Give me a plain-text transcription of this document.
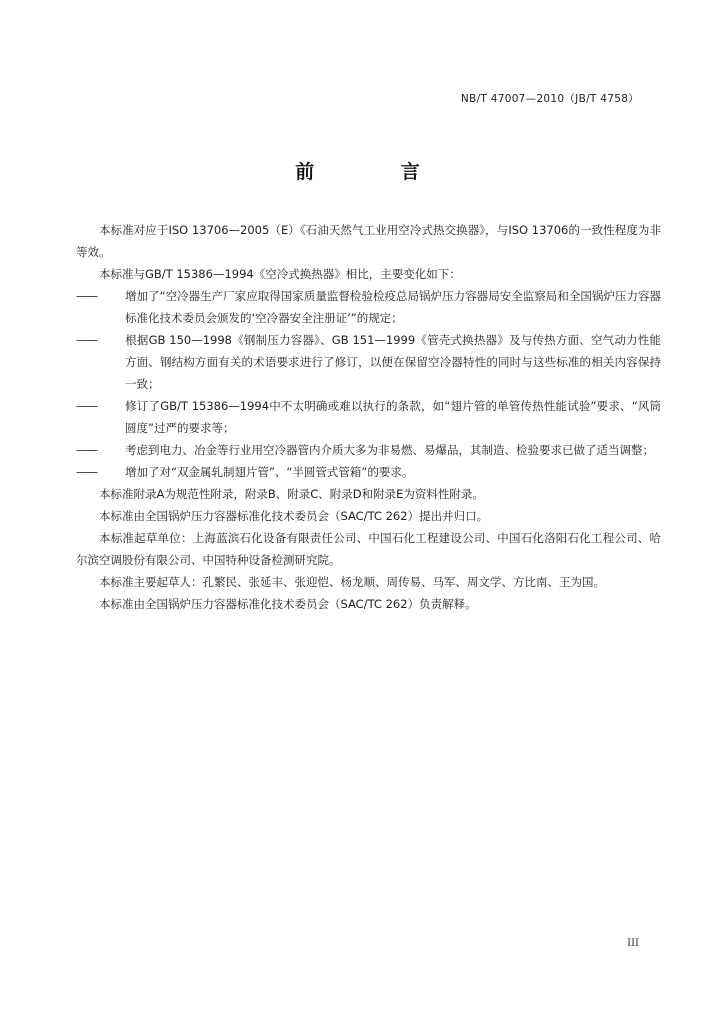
NB/T 47007—2010（JB/T 4758）
前 言

本标准对应于ISO 13706—2005（E）《石油天然气工业用空冷式热交换器》，与ISO 13706的一致性程度为非等效。

本标准与GB/T 15386—1994《空冷式换热器》相比，主要变化如下：

—— 增加了“空冷器生产厂家应取得国家质量监督检验检疫总局锅炉压力容器局安全监察局和全国锅炉压力容器标准化技术委员会颁发的‘空冷器安全注册证’”的规定；

—— 根据GB 150—1998《钢制压力容器》、GB 151—1999《管壳式换热器》及与传热方面、空气动力性能方面、钢结构方面有关的术语要求进行了修订，以便在保留空冷器特性的同时与这些标准的相关内容保持一致；

—— 修订了GB/T 15386—1994中不太明确或难以执行的条款，如“翅片管的单管传热性能试验”要求、“风筒圆度”过严的要求等；

—— 考虑到电力、冶金等行业用空冷器管内介质大多为非易燃、易爆品，其制造、检验要求已做了适当调整；

—— 增加了对“双金属轧制翅片管”、“半圆管式管箱”的要求。

本标准附录A为规范性附录，附录B、附录C、附录D和附录E为资料性附录。

本标准由全国锅炉压力容器标准化技术委员会（SAC/TC 262）提出并归口。

本标准起草单位：上海蓝滨石化设备有限责任公司、中国石化工程建设公司、中国石化洛阳石化工程公司、哈尔滨空调股份有限公司、中国特种设备检测研究院。

本标准主要起草人：孔繁民、张延丰、张迎恺、杨龙顺、周传易、马军、周文学、方比南、王为国。

本标准由全国锅炉压力容器标准化技术委员会（SAC/TC 262）负责解释。

III
